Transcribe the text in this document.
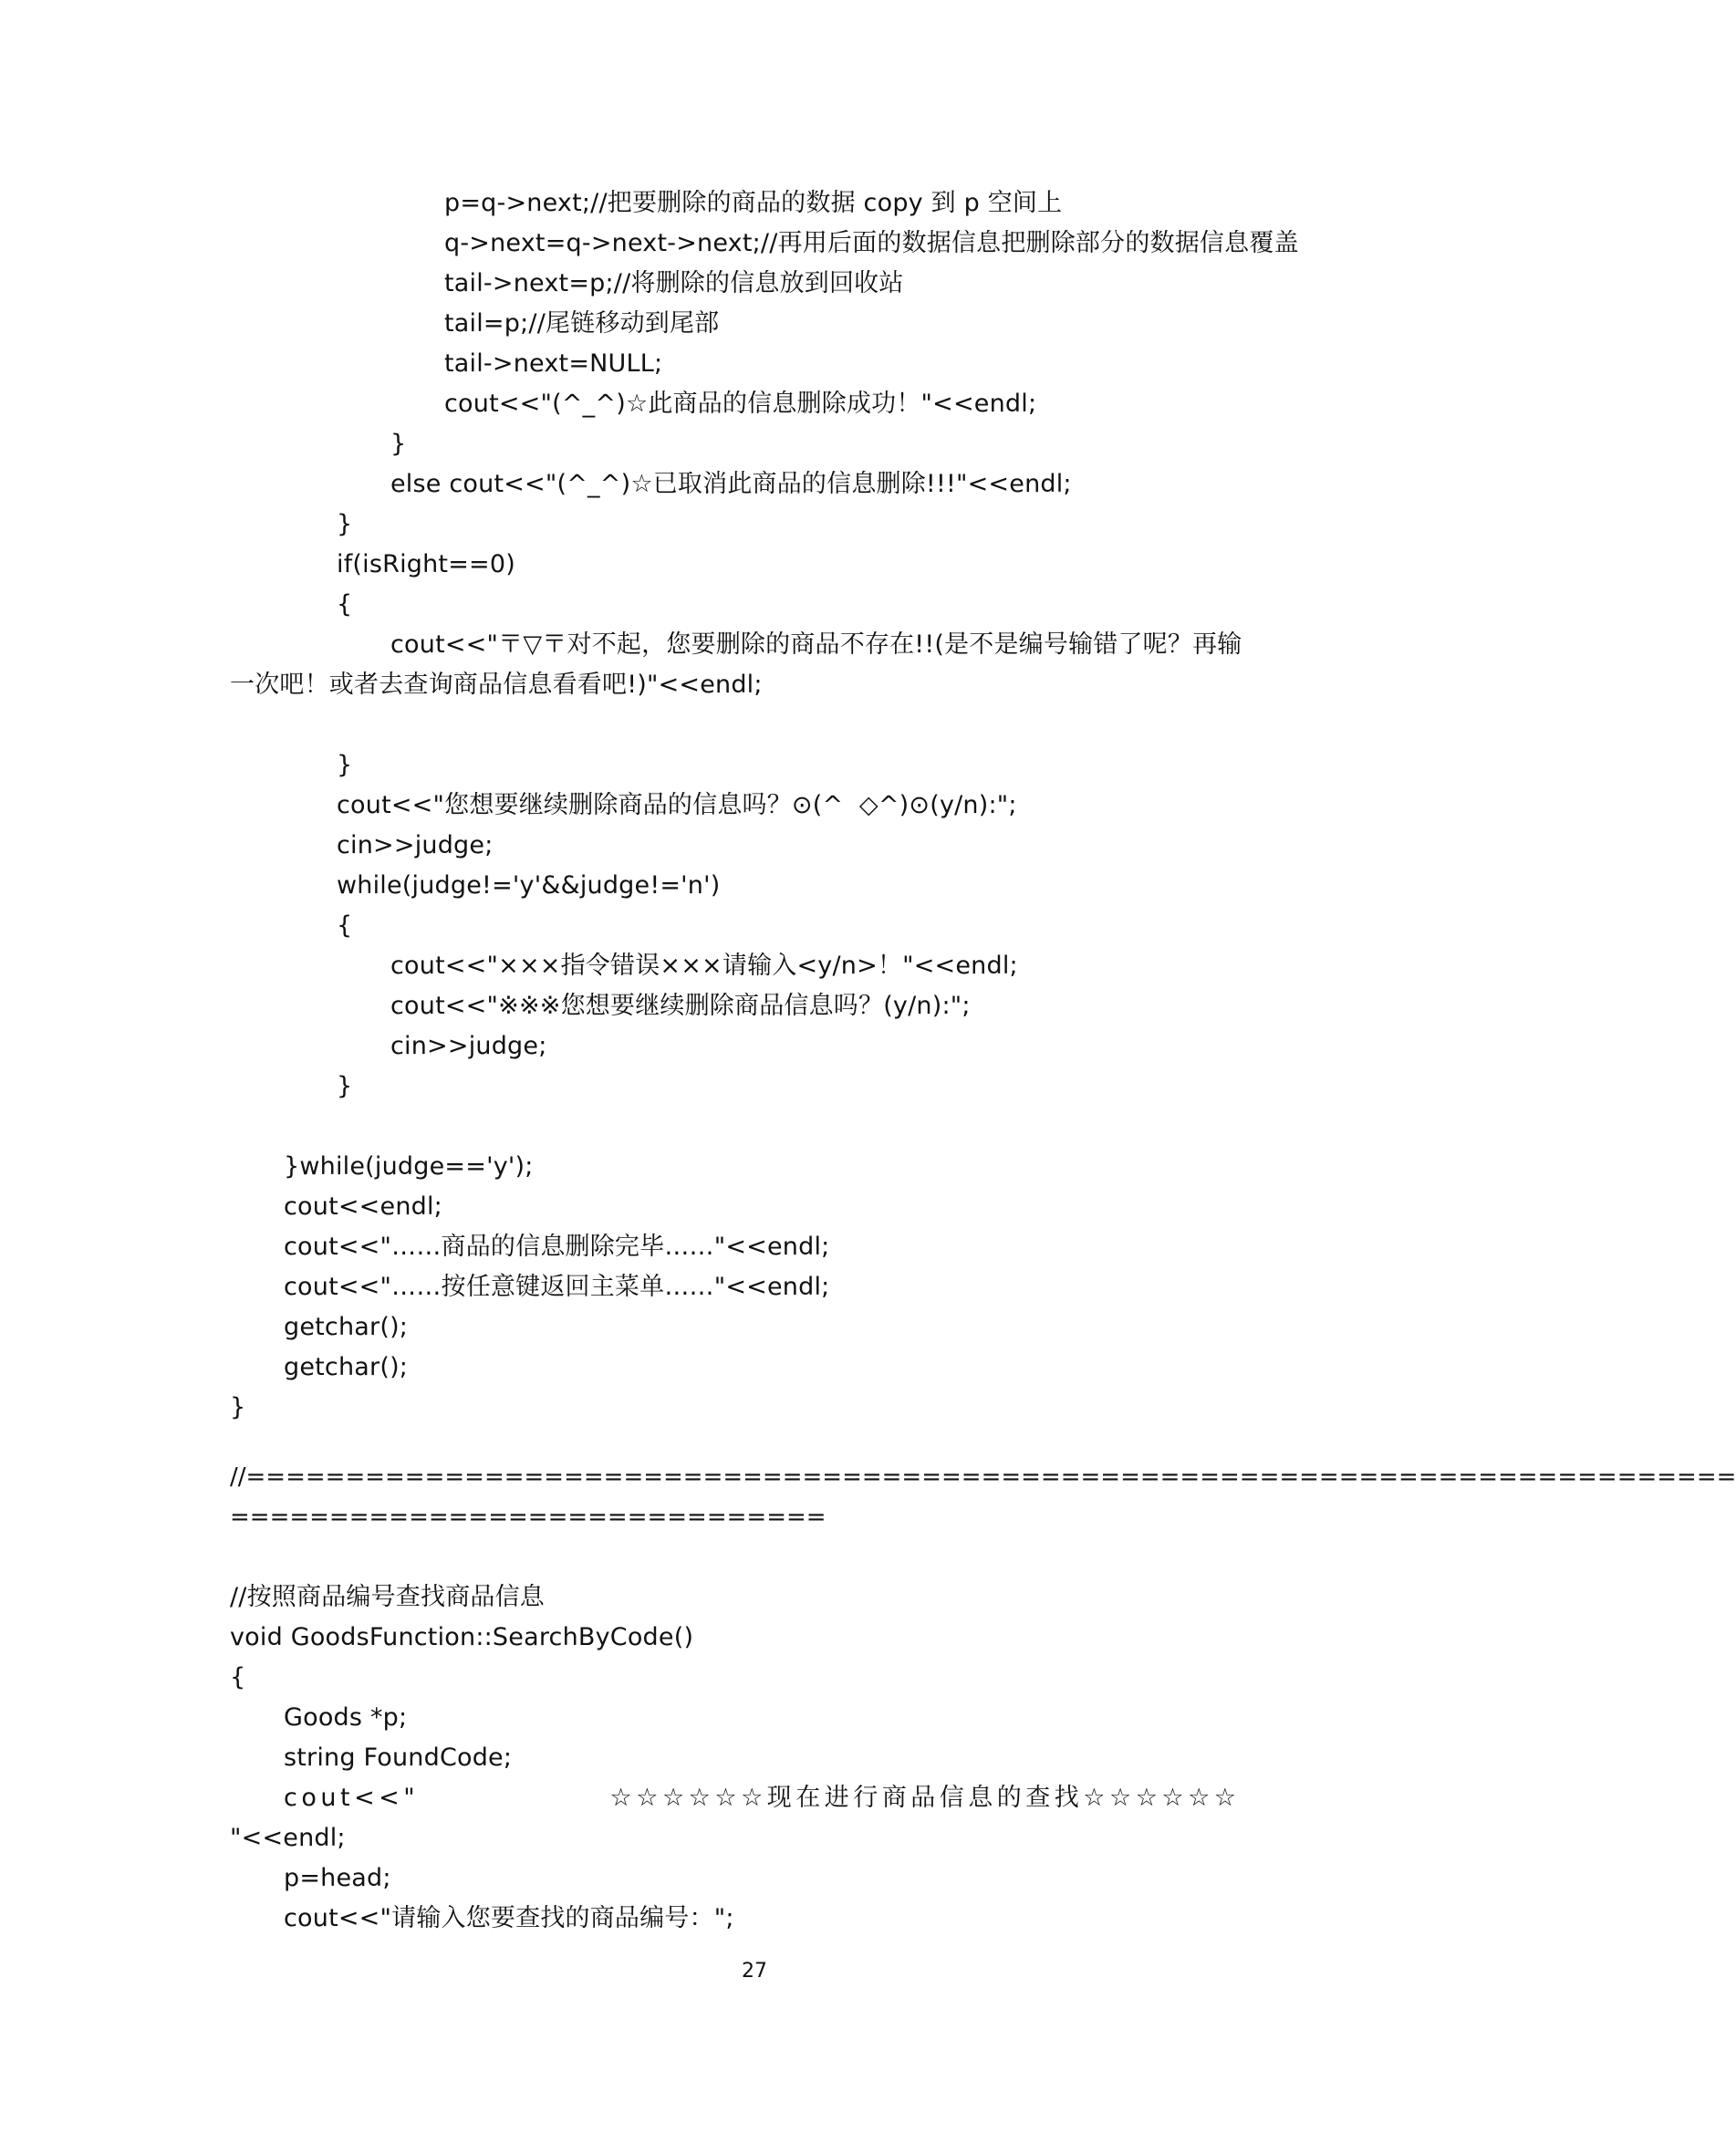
p=q->next;//把要删除的商品的数据 copy 到 p 空间上
q->next=q->next->next;//再用后面的数据信息把删除部分的数据信息覆盖
tail->next=p;//将删除的信息放到回收站
tail=p;//尾链移动到尾部
tail->next=NULL;
cout<<"(^_^)☆此商品的信息删除成功！"<<endl;
}
else cout<<"(^_^)☆已取消此商品的信息删除!!!"<<endl;
}
if(isRight==0)
{
cout<<"〒▽〒对不起，您要删除的商品不存在!!(是不是编号输错了呢？再输
一次吧！或者去查询商品信息看看吧!)"<<endl;
}
cout<<"您想要继续删除商品的信息吗？⊙(^  ◇^)⊙(y/n):";
cin>>judge;
while(judge!='y'&&judge!='n')
{
cout<<"×××指令错误×××请输入<y/n>！"<<endl;
cout<<"※※※您想要继续删除商品信息吗？(y/n):";
cin>>judge;
}
}while(judge=='y');
cout<<endl;
cout<<"……商品的信息删除完毕……"<<endl;
cout<<"……按任意键返回主菜单……"<<endl;
getchar();
getchar();
}
//===========================================================================
==============================
//按照商品编号查找商品信息
void GoodsFunction::SearchByCode()
{
Goods *p;
string FoundCode;
cout<<"                ☆☆☆☆☆☆现在进行商品信息的查找☆☆☆☆☆☆
"<<endl;
p=head;
cout<<"请输入您要查找的商品编号：";
27
